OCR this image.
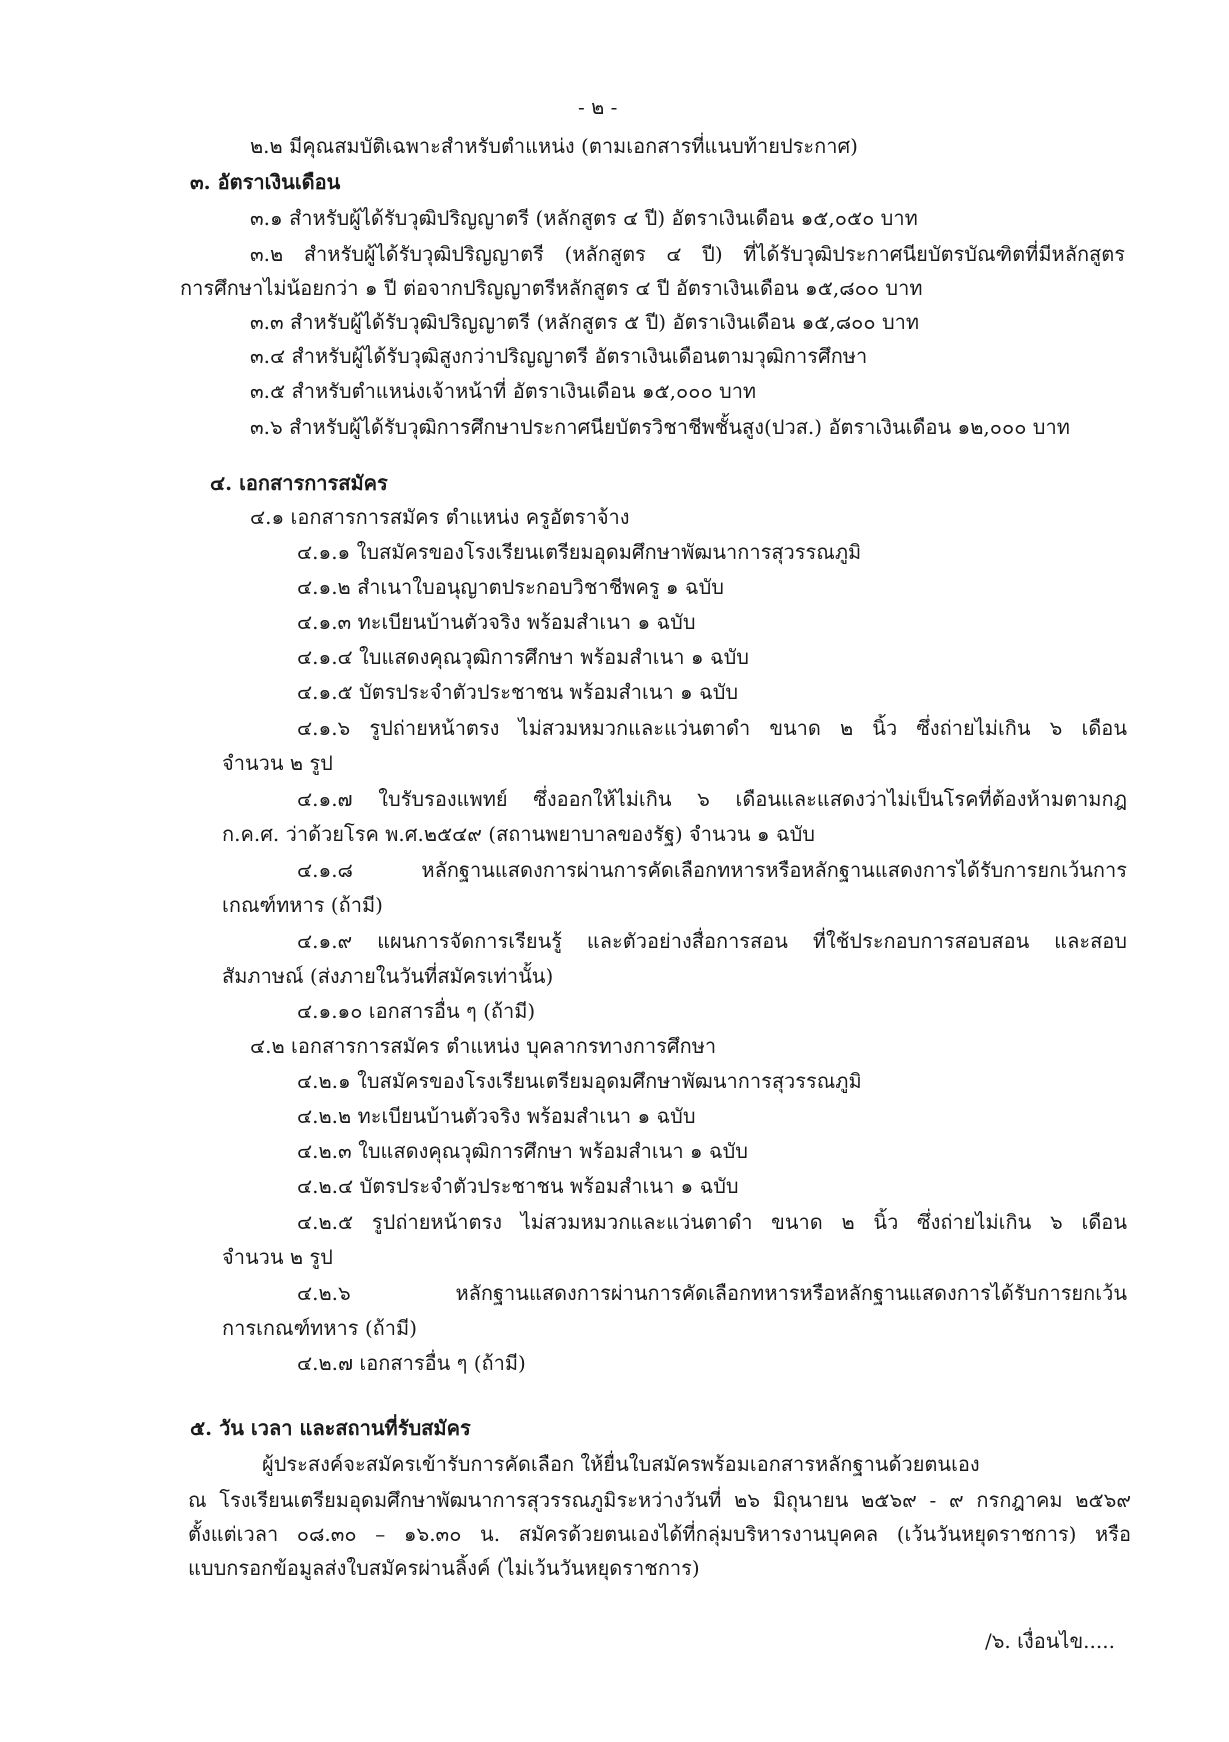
- ๒ -
๒.๒ มีคุณสมบัติเฉพาะสำหรับตำแหน่ง (ตามเอกสารที่แนบท้ายประกาศ)
๓. อัตราเงินเดือน
๓.๑ สำหรับผู้ได้รับวุฒิปริญญาตรี (หลักสูตร ๔ ปี) อัตราเงินเดือน ๑๕,๐๕๐ บาท
๓.๒ สำหรับผู้ได้รับวุฒิปริญญาตรี (หลักสูตร ๔ ปี) ที่ได้รับวุฒิประกาศนียบัตรบัณฑิตที่มีหลักสูตร
การศึกษาไม่น้อยกว่า ๑ ปี ต่อจากปริญญาตรีหลักสูตร ๔ ปี อัตราเงินเดือน ๑๕,๘๐๐ บาท
๓.๓ สำหรับผู้ได้รับวุฒิปริญญาตรี (หลักสูตร ๕ ปี) อัตราเงินเดือน ๑๕,๘๐๐ บาท
๓.๔ สำหรับผู้ได้รับวุฒิสูงกว่าปริญญาตรี อัตราเงินเดือนตามวุฒิการศึกษา
๓.๕ สำหรับตำแหน่งเจ้าหน้าที่ อัตราเงินเดือน ๑๕,๐๐๐ บาท
๓.๖ สำหรับผู้ได้รับวุฒิการศึกษาประกาศนียบัตรวิชาชีพชั้นสูง(ปวส.) อัตราเงินเดือน ๑๒,๐๐๐ บาท
๔. เอกสารการสมัคร
๔.๑ เอกสารการสมัคร ตำแหน่ง ครูอัตราจ้าง
๔.๑.๑ ใบสมัครของโรงเรียนเตรียมอุดมศึกษาพัฒนาการสุวรรณภูมิ
๔.๑.๒ สำเนาใบอนุญาตประกอบวิชาชีพครู ๑ ฉบับ
๔.๑.๓ ทะเบียนบ้านตัวจริง พร้อมสำเนา ๑ ฉบับ
๔.๑.๔ ใบแสดงคุณวุฒิการศึกษา พร้อมสำเนา ๑ ฉบับ
๔.๑.๕ บัตรประจำตัวประชาชน พร้อมสำเนา ๑ ฉบับ
๔.๑.๖ รูปถ่ายหน้าตรง ไม่สวมหมวกและแว่นตาดำ ขนาด ๒ นิ้ว ซึ่งถ่ายไม่เกิน ๖ เดือน
จำนวน ๒ รูป
๔.๑.๗ ใบรับรองแพทย์ ซึ่งออกให้ไม่เกิน ๖ เดือนและแสดงว่าไม่เป็นโรคที่ต้องห้ามตามกฎ
ก.ค.ศ. ว่าด้วยโรค พ.ศ.๒๕๔๙ (สถานพยาบาลของรัฐ) จำนวน ๑ ฉบับ
๔.๑.๘ หลักฐานแสดงการผ่านการคัดเลือกทหารหรือหลักฐานแสดงการได้รับการยกเว้นการ
เกณฑ์ทหาร (ถ้ามี)
๔.๑.๙ แผนการจัดการเรียนรู้ และตัวอย่างสื่อการสอน ที่ใช้ประกอบการสอบสอน และสอบ
สัมภาษณ์ (ส่งภายในวันที่สมัครเท่านั้น)
๔.๑.๑๐ เอกสารอื่น ๆ (ถ้ามี)
๔.๒ เอกสารการสมัคร ตำแหน่ง บุคลากรทางการศึกษา
๔.๒.๑ ใบสมัครของโรงเรียนเตรียมอุดมศึกษาพัฒนาการสุวรรณภูมิ
๔.๒.๒ ทะเบียนบ้านตัวจริง พร้อมสำเนา ๑ ฉบับ
๔.๒.๓ ใบแสดงคุณวุฒิการศึกษา พร้อมสำเนา ๑ ฉบับ
๔.๒.๔ บัตรประจำตัวประชาชน พร้อมสำเนา ๑ ฉบับ
๔.๒.๕ รูปถ่ายหน้าตรง ไม่สวมหมวกและแว่นตาดำ ขนาด ๒ นิ้ว ซึ่งถ่ายไม่เกิน ๖ เดือน
จำนวน ๒ รูป
๔.๒.๖ หลักฐานแสดงการผ่านการคัดเลือกทหารหรือหลักฐานแสดงการได้รับการยกเว้น
การเกณฑ์ทหาร (ถ้ามี)
๔.๒.๗ เอกสารอื่น ๆ (ถ้ามี)
๕. วัน เวลา และสถานที่รับสมัคร
ผู้ประสงค์จะสมัครเข้ารับการคัดเลือก ให้ยื่นใบสมัครพร้อมเอกสารหลักฐานด้วยตนเอง
ณ โรงเรียนเตรียมอุดมศึกษาพัฒนาการสุวรรณภูมิระหว่างวันที่ ๒๖ มิถุนายน ๒๕๖๙ - ๙ กรกฎาคม ๒๕๖๙
ตั้งแต่เวลา ๐๘.๓๐ – ๑๖.๓๐ น. สมัครด้วยตนเองได้ที่กลุ่มบริหารงานบุคคล (เว้นวันหยุดราชการ) หรือ
แบบกรอกข้อมูลส่งใบสมัครผ่านลิ้งค์ (ไม่เว้นวันหยุดราชการ)
/๖. เงื่อนไข.....
